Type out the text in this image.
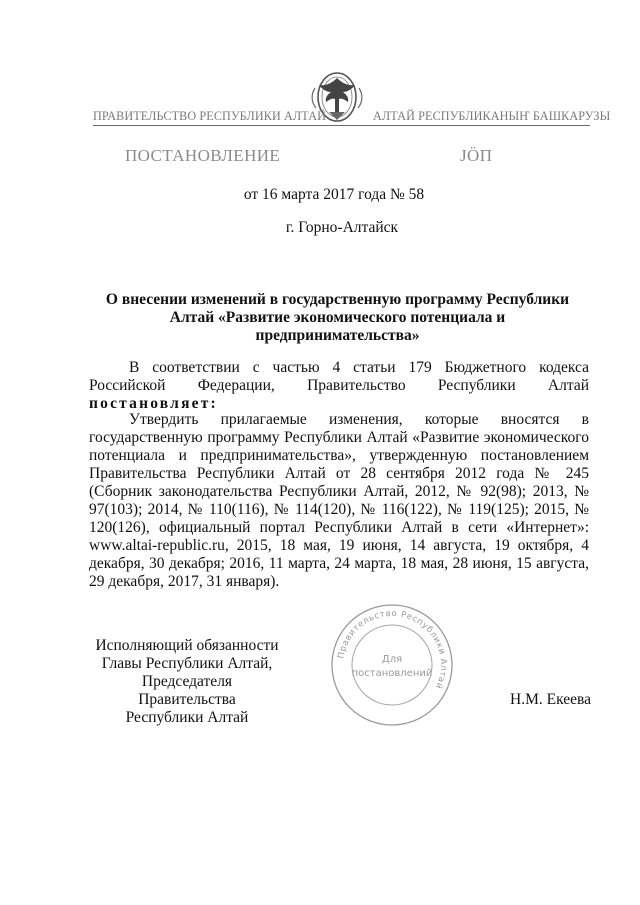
ПРАВИТЕЛЬСТВО РЕСПУБЛИКИ АЛТАЙ	АЛТАЙ РЕСПУБЛИКАНЫҤ БАШКАРУЗЫ
ПОСТАНОВЛЕНИЕ	JÖП
от 16 марта 2017 года № 58
г. Горно-Алтайск
О внесении изменений в государственную программу Республики Алтай «Развитие экономического потенциала и предпринимательства»
В соответствии с частью 4 статьи 179 Бюджетного кодекса Российской Федерации, Правительство Республики Алтай постановляет:
Утвердить прилагаемые изменения, которые вносятся в государственную программу Республики Алтай «Развитие экономического потенциала и предпринимательства», утвержденную постановлением Правительства Республики Алтай от 28 сентября 2012 года № 245 (Сборник законодательства Республики Алтай, 2012, № 92(98); 2013, № 97(103); 2014, № 110(116), № 114(120), № 116(122), № 119(125); 2015, № 120(126), официальный портал Республики Алтай в сети «Интернет»: www.altai-republic.ru, 2015, 18 мая, 19 июня, 14 августа, 19 октября, 4 декабря, 30 декабря; 2016, 11 марта, 24 марта, 18 мая, 28 июня, 15 августа, 29 декабря, 2017, 31 января).
Исполняющий обязанности
Главы Республики Алтай,
Председателя Правительства
Республики Алтай
Правительство Республики Алтай
Для
постановлений
Н.М. Екеева
